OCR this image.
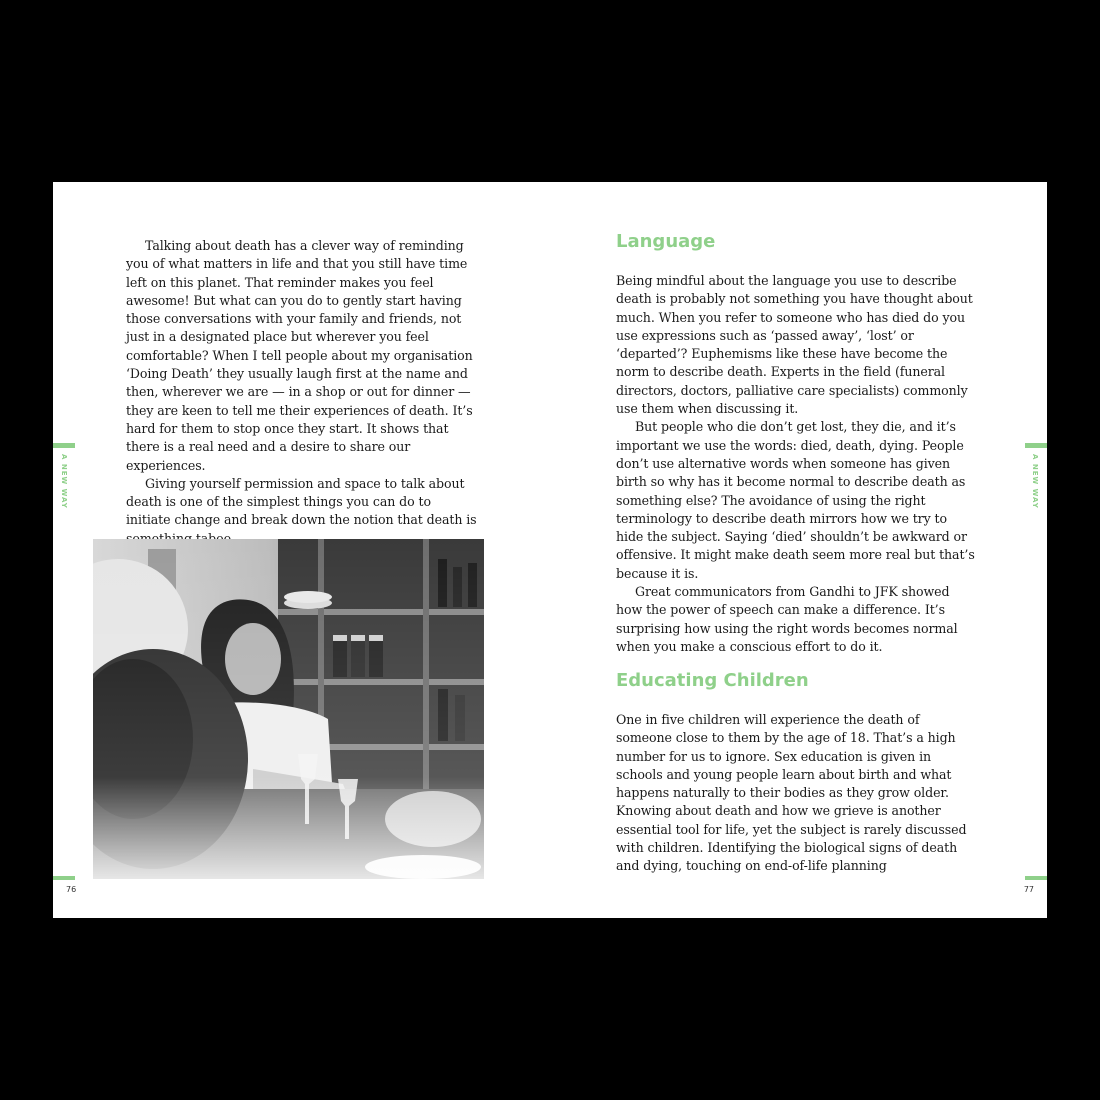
A NEW WAY

Talking about death has a clever way of reminding you of what matters in life and that you still have time left on this planet. That reminder makes you feel awesome! But what can you do to gently start having those conversations with your family and friends, not just in a designated place but wherever you feel comfortable? When I tell people about my organisation ‘Doing Death’ they usually laugh first at the name and then, wherever we are — in a shop or out for dinner — they are keen to tell me their experiences of death. It’s hard for them to stop once they start. It shows that there is a real need and a desire to share our experiences.

Giving yourself permission and space to talk about death is one of the simplest things you can do to initiate change and break down the notion that death is

76
A NEW WAY
Language

Being mindful about the language you use to describe death is probably not something you have thought about much. When you refer to someone who has died do you use expressions such as ‘passed away’, ‘lost’ or ‘departed’? Euphemisms like these have become the norm to describe death. Experts in the field (funeral directors, doctors, palliative care specialists) commonly use them when discussing it.

But people who die don’t get lost, they die, and it’s important we use the words: died, death, dying. People don’t use alternative words when someone has given birth so why has it become normal to describe death as something else? The avoidance of using the right terminology to describe death mirrors how we try to hide the subject. Saying ‘died’ shouldn’t be awkward or offensive. It might make death seem more real but that’s because it is.

Great communicators from Gandhi to JFK showed how the power of speech can make a difference. It’s surprising how using the right words becomes normal when you make a conscious effort to do it.

Educating Children

One in five children will experience the death of someone close to them by the age of 18. That’s a high number for us to ignore. Sex education is given in schools and young people learn about birth and what happens naturally to their bodies as they grow older. Knowing about death and how we grieve is another essential tool for life, yet the subject is rarely discussed with children. Identifying the biological signs of death and dying, touching on end-of-life planning

77
